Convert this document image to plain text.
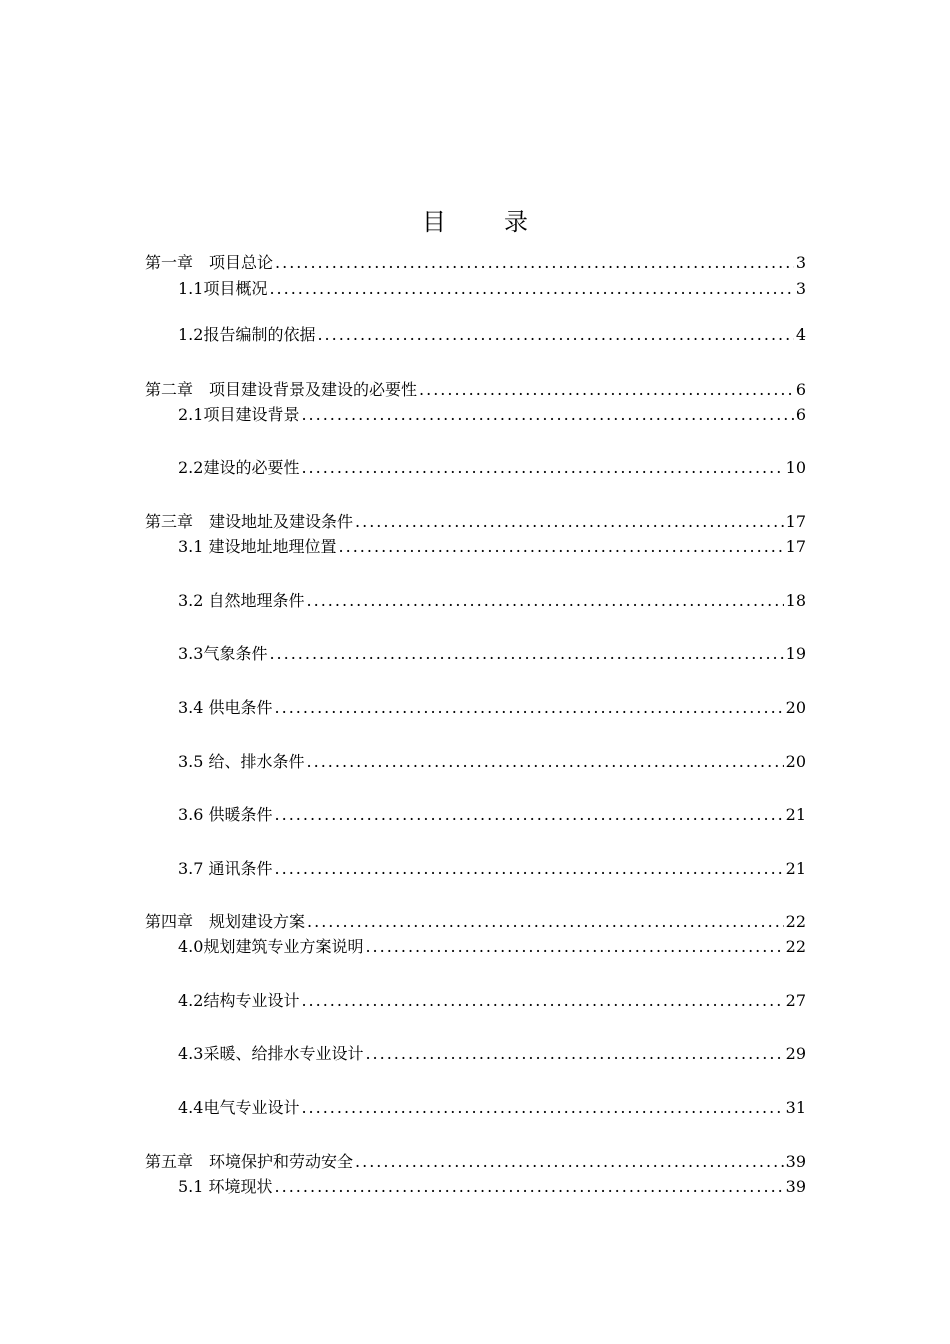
目 录
第一章　项目总论 .....	3
1.1项目概况 .....	3
1.2报告编制的依据 .....	4
第二章　项目建设背景及建设的必要性 .....	6
2.1项目建设背景 .....	6
2.2建设的必要性 .....	10
第三章　建设地址及建设条件 .....	17
3.1 建设地址地理位置 .....	17
3.2 自然地理条件 .....	18
3.3气象条件 .....	19
3.4 供电条件 .....	20
3.5 给、排水条件 .....	20
3.6 供暖条件 .....	21
3.7 通讯条件 .....	21
第四章　规划建设方案 .....	22
4.0规划建筑专业方案说明 .....	22
4.2结构专业设计 .....	27
4.3采暖、给排水专业设计 .....	29
4.4电气专业设计 .....	31
第五章　环境保护和劳动安全 .....	39
5.1 环境现状 .....	39
